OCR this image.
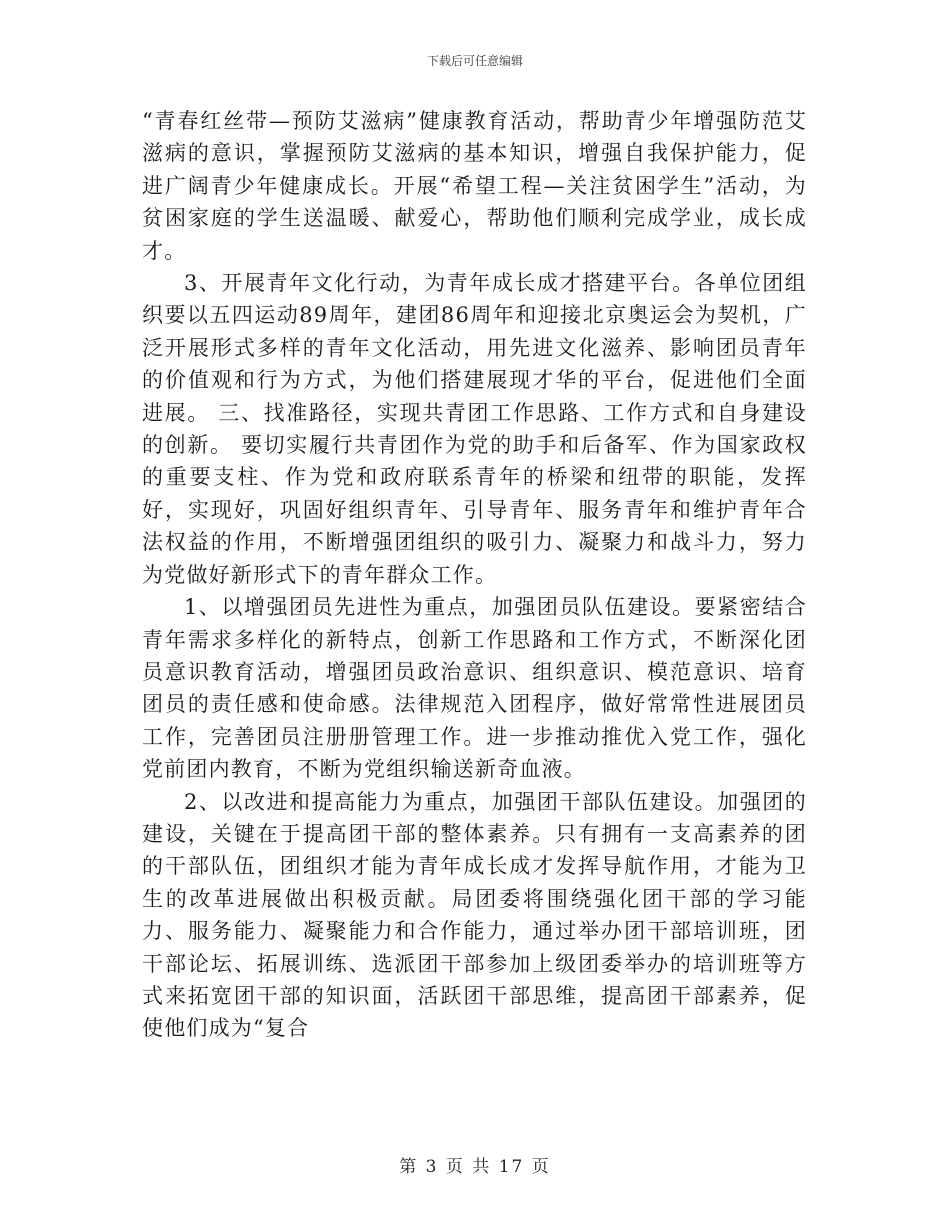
下载后可任意编辑

“青春红丝带—预防艾滋病”健康教育活动，帮助青少年增强防范艾滋病的意识，掌握预防艾滋病的基本知识，增强自我保护能力，促进广阔青少年健康成长。开展“希望工程—关注贫困学生”活动，为贫困家庭的学生送温暖、献爱心，帮助他们顺利完成学业，成长成才。

3、开展青年文化行动，为青年成长成才搭建平台。各单位团组织要以五四运动89周年，建团86周年和迎接北京奥运会为契机，广泛开展形式多样的青年文化活动，用先进文化滋养、影响团员青年的价值观和行为方式，为他们搭建展现才华的平台，促进他们全面进展。 三、找准路径，实现共青团工作思路、工作方式和自身建设的创新。 要切实履行共青团作为党的助手和后备军、作为国家政权的重要支柱、作为党和政府联系青年的桥梁和纽带的职能，发挥好，实现好，巩固好组织青年、引导青年、服务青年和维护青年合法权益的作用，不断增强团组织的吸引力、凝聚力和战斗力，努力为党做好新形式下的青年群众工作。

1、以增强团员先进性为重点，加强团员队伍建设。要紧密结合青年需求多样化的新特点，创新工作思路和工作方式，不断深化团员意识教育活动，增强团员政治意识、组织意识、模范意识、培育团员的责任感和使命感。法律规范入团程序，做好常常性进展团员工作，完善团员注册册管理工作。进一步推动推优入党工作，强化党前团内教育，不断为党组织输送新奇血液。

2、以改进和提高能力为重点，加强团干部队伍建设。加强团的建设，关键在于提高团干部的整体素养。只有拥有一支高素养的团的干部队伍，团组织才能为青年成长成才发挥导航作用，才能为卫生的改革进展做出积极贡献。局团委将围绕强化团干部的学习能力、服务能力、凝聚能力和合作能力，通过举办团干部培训班，团干部论坛、拓展训练、选派团干部参加上级团委举办的培训班等方式来拓宽团干部的知识面，活跃团干部思维，提高团干部素养，促使他们成为“复合

第 3 页 共 17 页
